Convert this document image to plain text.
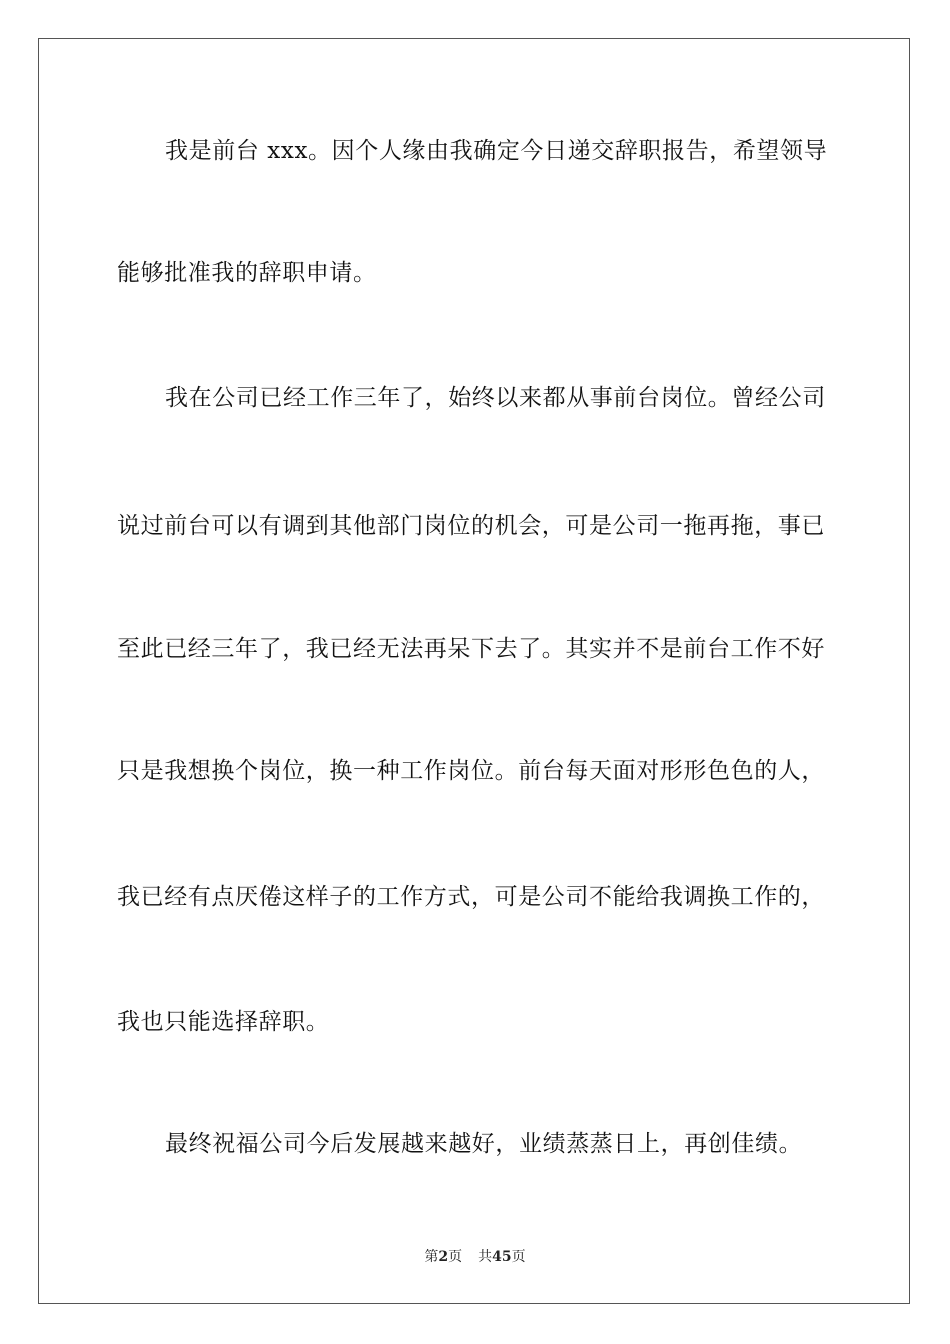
我是前台 xxx。因个人缘由我确定今日递交辞职报告，希望领导
能够批准我的辞职申请。
我在公司已经工作三年了，始终以来都从事前台岗位。曾经公司
说过前台可以有调到其他部门岗位的机会，可是公司一拖再拖，事已
至此已经三年了，我已经无法再呆下去了。其实并不是前台工作不好
只是我想换个岗位，换一种工作岗位。前台每天面对形形色色的人，
我已经有点厌倦这样子的工作方式，可是公司不能给我调换工作的，
我也只能选择辞职。
最终祝福公司今后发展越来越好，业绩蒸蒸日上，再创佳绩。
第2页 共45页
